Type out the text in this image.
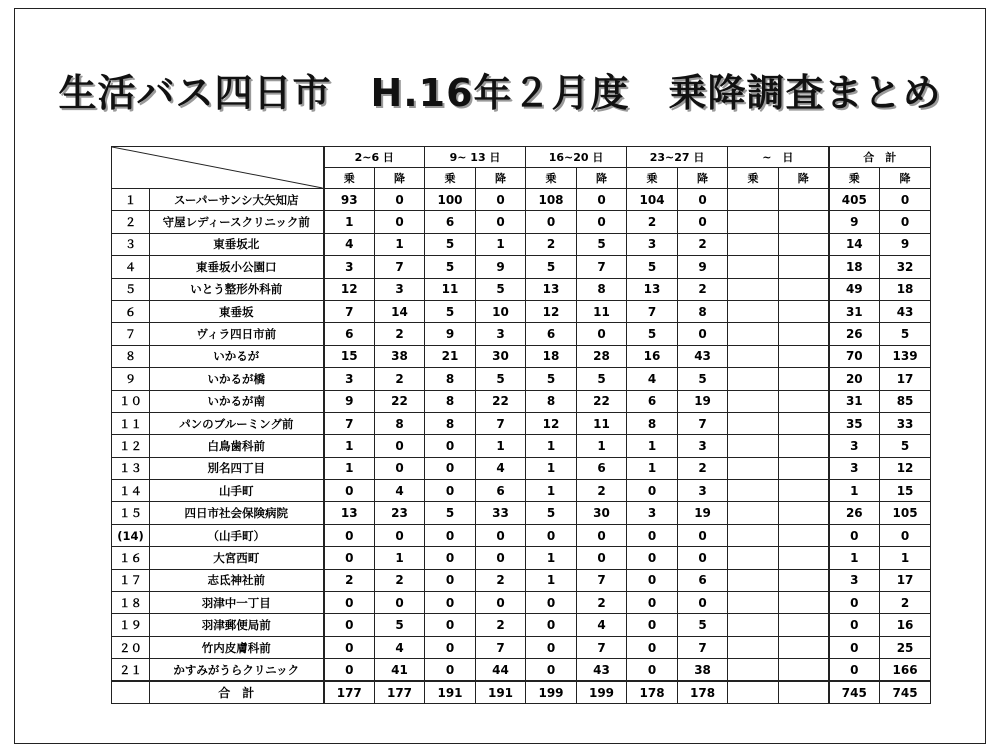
生活バス四日市　H.16年２月度　乗降調査まとめ
	2~6 日		9~ 13 日		16~20 日		23~27 日		~　日		合　計	
		乗	降	乗	降	乗	降	乗	降	乗	降	乗	降
１	スーパーサンシ大矢知店	93	0	100	0	108	0	104	0			405	0
２	守屋レディースクリニック前	1	0	6	0	0	0	2	0			9	0
３	東垂坂北	4	1	5	1	2	5	3	2			14	9
４	東垂坂小公園口	3	7	5	9	5	7	5	9			18	32
５	いとう整形外科前	12	3	11	5	13	8	13	2			49	18
６	東垂坂	7	14	5	10	12	11	7	8			31	43
７	ヴィラ四日市前	6	2	9	3	6	0	5	0			26	5
８	いかるが	15	38	21	30	18	28	16	43			70	139
９	いかるが橋	3	2	8	5	5	5	4	5			20	17
１０	いかるが南	9	22	8	22	8	22	6	19			31	85
１１	パンのブルーミング前	7	8	8	7	12	11	8	7			35	33
１２	白鳥歯科前	1	0	0	1	1	1	1	3			3	5
１３	別名四丁目	1	0	0	4	1	6	1	2			3	12
１４	山手町	0	4	0	6	1	2	0	3			1	15
１５	四日市社会保険病院	13	23	5	33	5	30	3	19			26	105
(14)	（山手町）	0	0	0	0	0	0	0	0			0	0
１６	大宮西町	0	1	0	0	1	0	0	0			1	1
１７	志氐神社前	2	2	0	2	1	7	0	6			3	17
１８	羽津中一丁目	0	0	0	0	0	2	0	0			0	2
１９	羽津郵便局前	0	5	0	2	0	4	0	5			0	16
２０	竹内皮膚科前	0	4	0	7	0	7	0	7			0	25
２１	かすみがうらクリニック	0	41	0	44	0	43	0	38			0	166
	合　計	177	177	191	191	199	199	178	178			745	745
